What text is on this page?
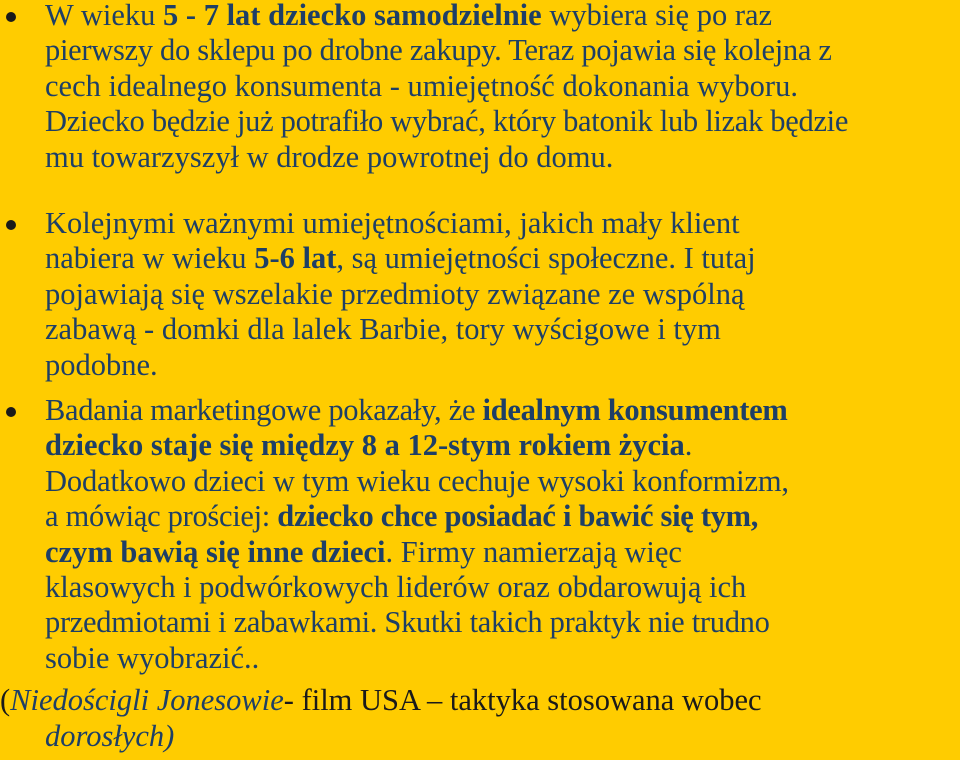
W wieku 5 - 7 lat dziecko samodzielnie wybiera się po raz
pierwszy do sklepu po drobne zakupy. Teraz pojawia się kolejna z
cech idealnego konsumenta - umiejętność dokonania wyboru.
Dziecko będzie już potrafiło wybrać, który batonik lub lizak będzie
mu towarzyszył w drodze powrotnej do domu.
Kolejnymi ważnymi umiejętnościami, jakich mały klient
nabiera w wieku 5-6 lat, są umiejętności społeczne. I tutaj
pojawiają się wszelakie przedmioty związane ze wspólną
zabawą - domki dla lalek Barbie, tory wyścigowe i tym
podobne.
Badania marketingowe pokazały, że idealnym konsumentem
dziecko staje się między 8 a 12-stym rokiem życia.
Dodatkowo dzieci w tym wieku cechuje wysoki konformizm,
a mówiąc prościej: dziecko chce posiadać i bawić się tym,
czym bawią się inne dzieci. Firmy namierzają więc
klasowych i podwórkowych liderów oraz obdarowują ich
przedmiotami i zabawkami. Skutki takich praktyk nie trudno
sobie wyobrazić..
(Niedościgli Jonesowie- film USA – taktyka stosowana wobec
dorosłych)
